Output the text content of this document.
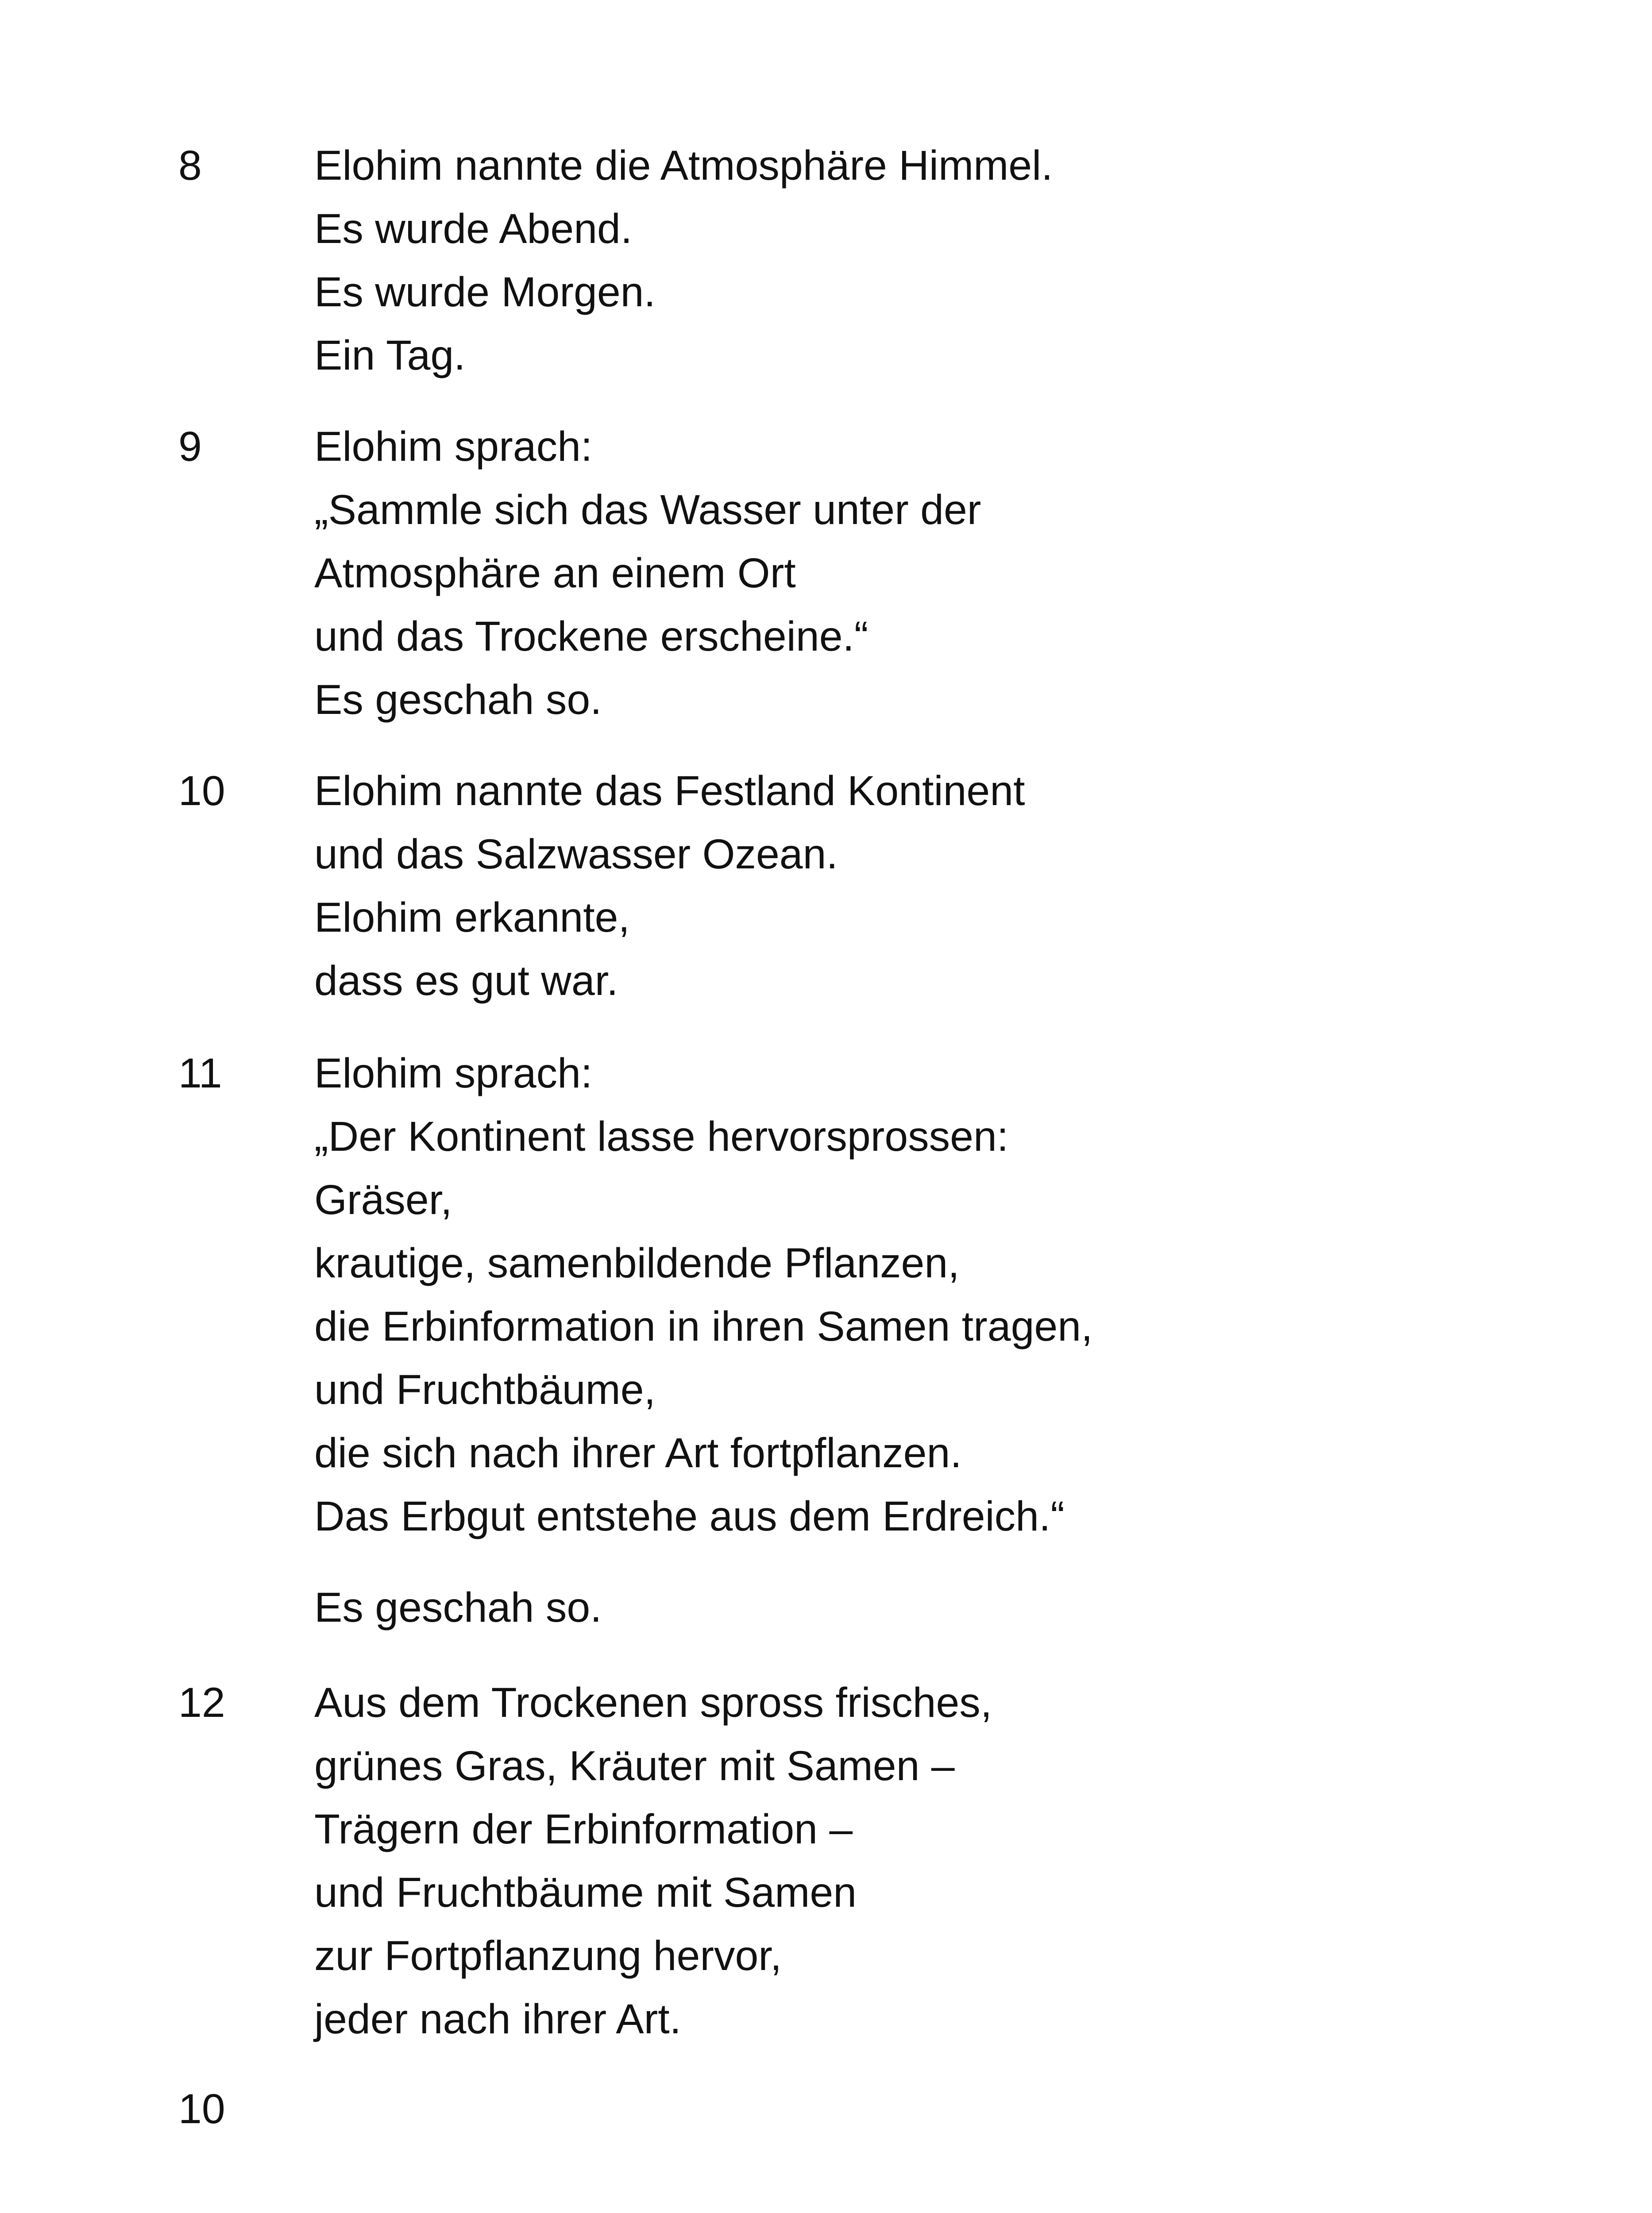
8	Elohim nannte die Atmosphäre Himmel.
Es wurde Abend.
Es wurde Morgen.
Ein Tag.
9	Elohim sprach:
„Sammle sich das Wasser unter der
Atmosphäre an einem Ort
und das Trockene erscheine.“
Es geschah so.
10 Elohim nannte das Festland Kontinent
und das Salzwasser Ozean.
Elohim erkannte,
dass es gut war.
11 Elohim sprach:
„Der Kontinent lasse hervorsprossen:
Gräser,
krautige, samenbildende Pflanzen,
die Erbinformation in ihren Samen tragen,
und Fruchtbäume,
die sich nach ihrer Art fortpflanzen.
Das Erbgut entstehe aus dem Erdreich.“
Es geschah so.
12 Aus dem Trockenen spross frisches,
grünes Gras, Kräuter mit Samen –
Trägern der Erbinformation –
und Fruchtbäume mit Samen
zur Fortpflanzung hervor,
jeder nach ihrer Art.
10
